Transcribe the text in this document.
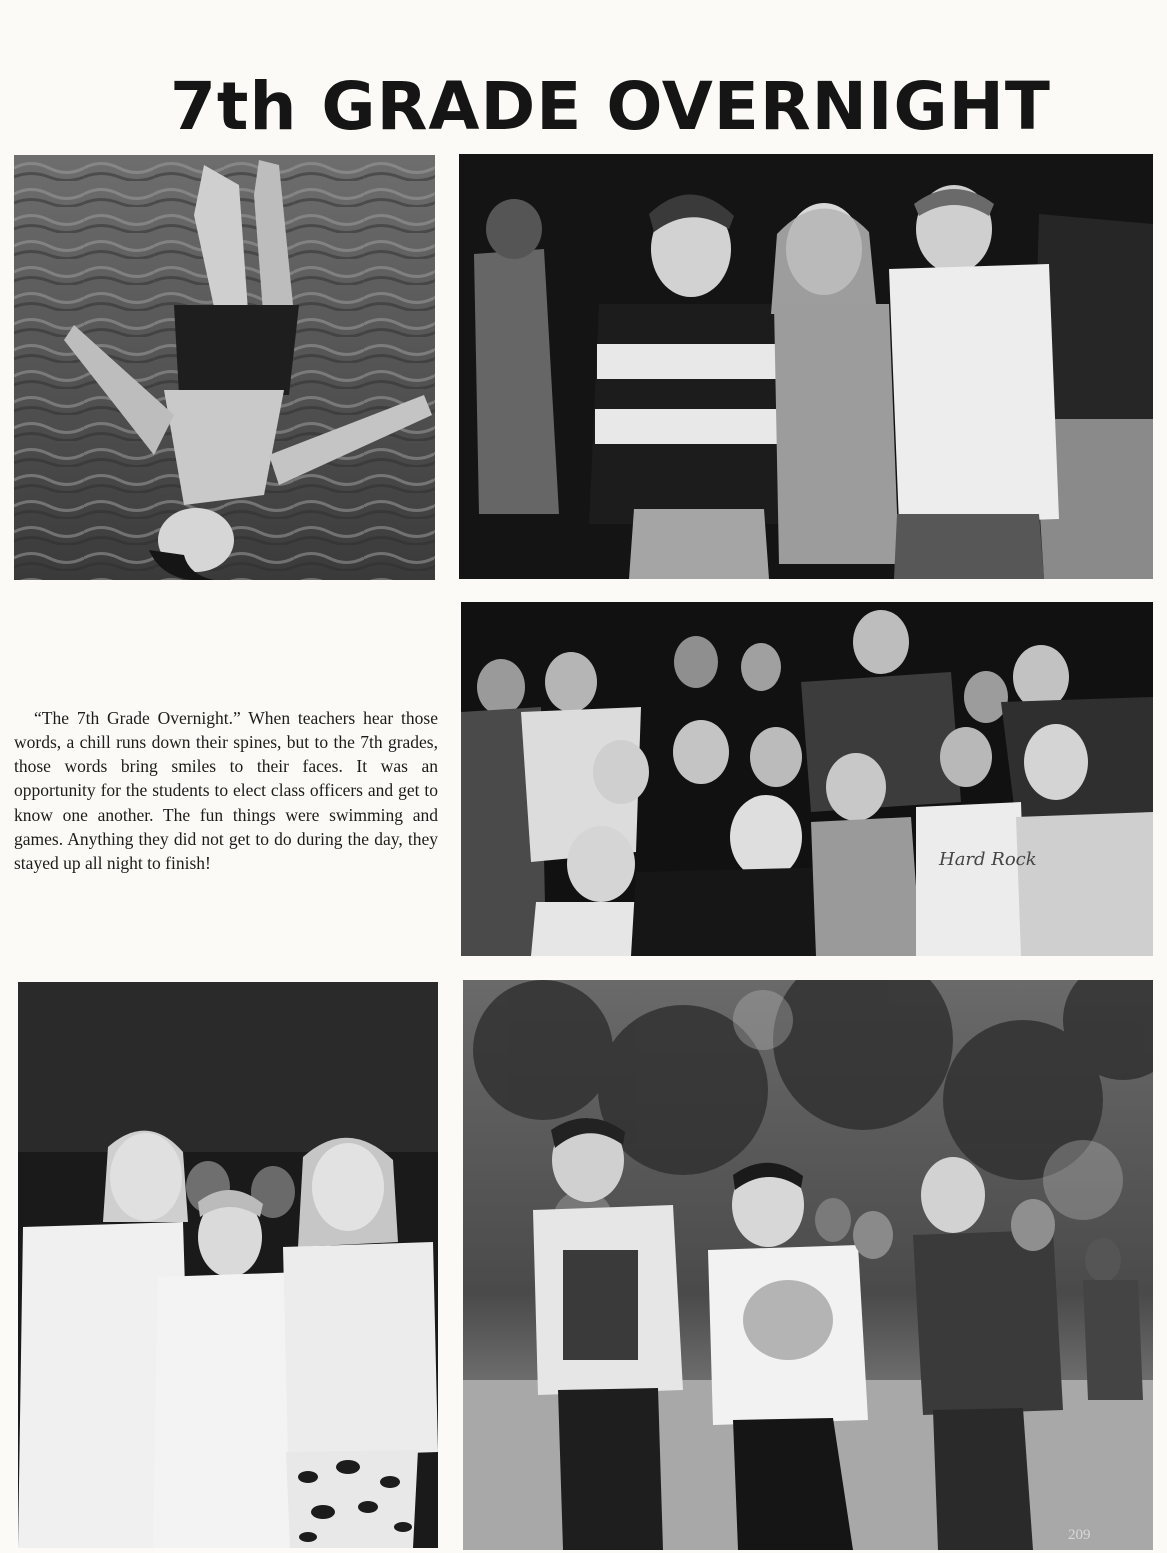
7th GRADE OVERNIGHT

“The 7th Grade Overnight.” When teachers hear those words, a chill runs down their spines, but to the 7th grades, those words bring smiles to their faces. It was an opportunity for the students to elect class officers and get to know one another. The fun things were swimming and games. Anything they did not get to do during the day, they stayed up all night to finish!	Hard Rock
209
